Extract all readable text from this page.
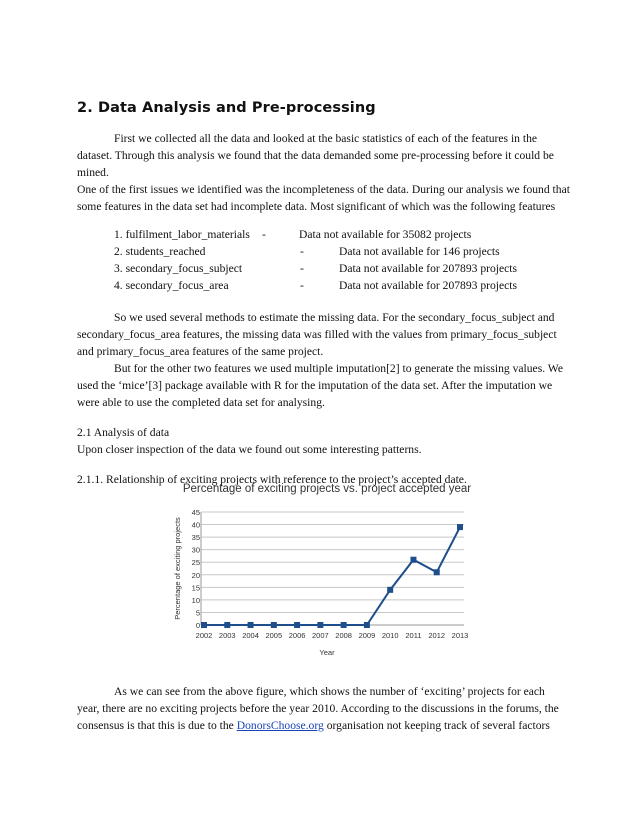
2. Data Analysis and Pre-processing
First we collected all the data and looked at the basic statistics of each of the features in the
dataset. Through this analysis we found that the data demanded some pre-processing before it could be
mined.
One of the first issues we identified was the incompleteness of the data. During our analysis we found that
some features in the data set had incomplete data. Most significant of which was the following features
1. fulfilment_labor_materials -	Data not available for 35082 projects
2. students_reached	-	Data not available for 146 projects
3. secondary_focus_subject	-	Data not available for 207893 projects
4. secondary_focus_area	-	Data not available for 207893 projects
So we used several methods to estimate the missing data. For the secondary_focus_subject and
secondary_focus_area features, the missing data was filled with the values from primary_focus_subject
and primary_focus_area features of the same project.
But for the other two features we used multiple imputation[2] to generate the missing values. We
used the ‘mice’[3] package available with R for the imputation of the data set. After the imputation we
were able to use the completed data set for analysing.
2.1 Analysis of data
Upon closer inspection of the data we found out some interesting patterns.
2.1.1. Relationship of exciting projects with reference to the project’s accepted date.
Percentage of exciting projects vs. project accepted year
0
5
10
15
20
25
30
35
40
45
2002 2003 2004 2005 2006 2007 2008 2009 2010 2011 2012 2013
Year
Percentage of exciting projects
As we can see from the above figure, which shows the number of ‘exciting’ projects for each
year, there are no exciting projects before the year 2010. According to the discussions in the forums, the
consensus is that this is due to the DonorsChoose.org organisation not keeping track of several factors
